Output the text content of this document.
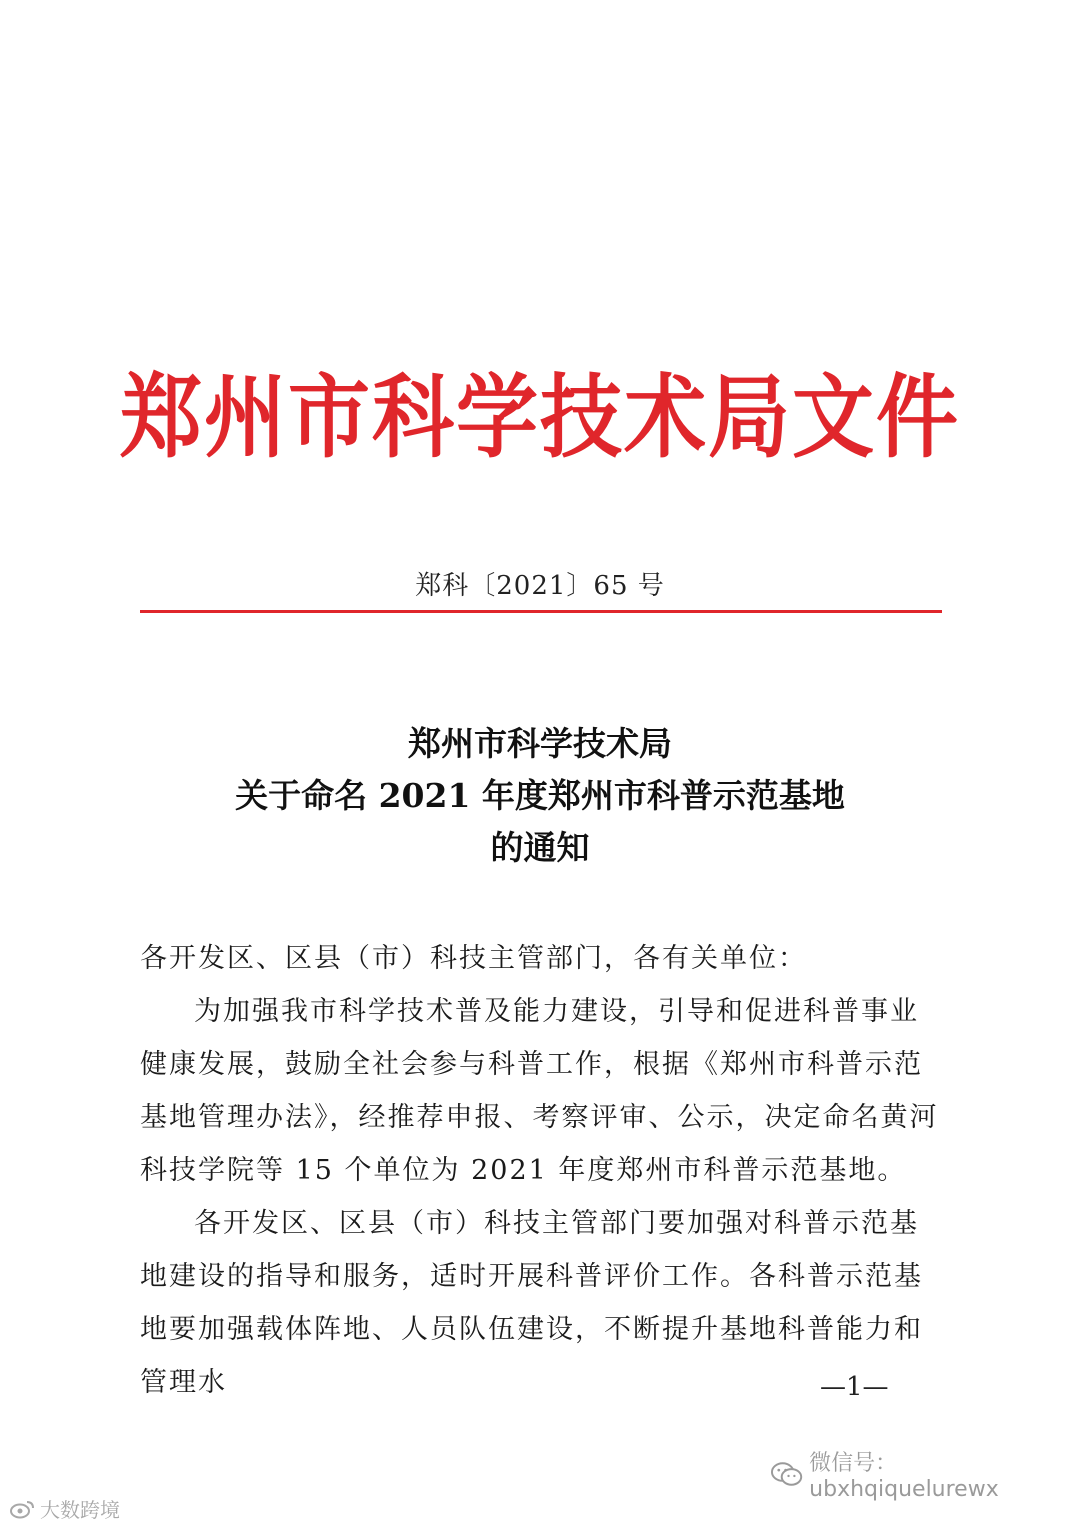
郑州市科学技术局文件
郑科〔2021〕65 号
郑州市科学技术局
关于命名 2021 年度郑州市科普示范基地
的通知

各开发区、区县（市）科技主管部门，各有关单位：

为加强我市科学技术普及能力建设，引导和促进科普事业健康发展，鼓励全社会参与科普工作，根据《郑州市科普示范基地管理办法》，经推荐申报、考察评审、公示，决定命名黄河科技学院等 15 个单位为 2021 年度郑州市科普示范基地。

各开发区、区县（市）科技主管部门要加强对科普示范基地建设的指导和服务，适时开展科普评价工作。各科普示范基地要加强载体阵地、人员队伍建设，不断提升基地科普能力和管理水	—1—
微信号：ubxhqiquelurewx
大数跨境
